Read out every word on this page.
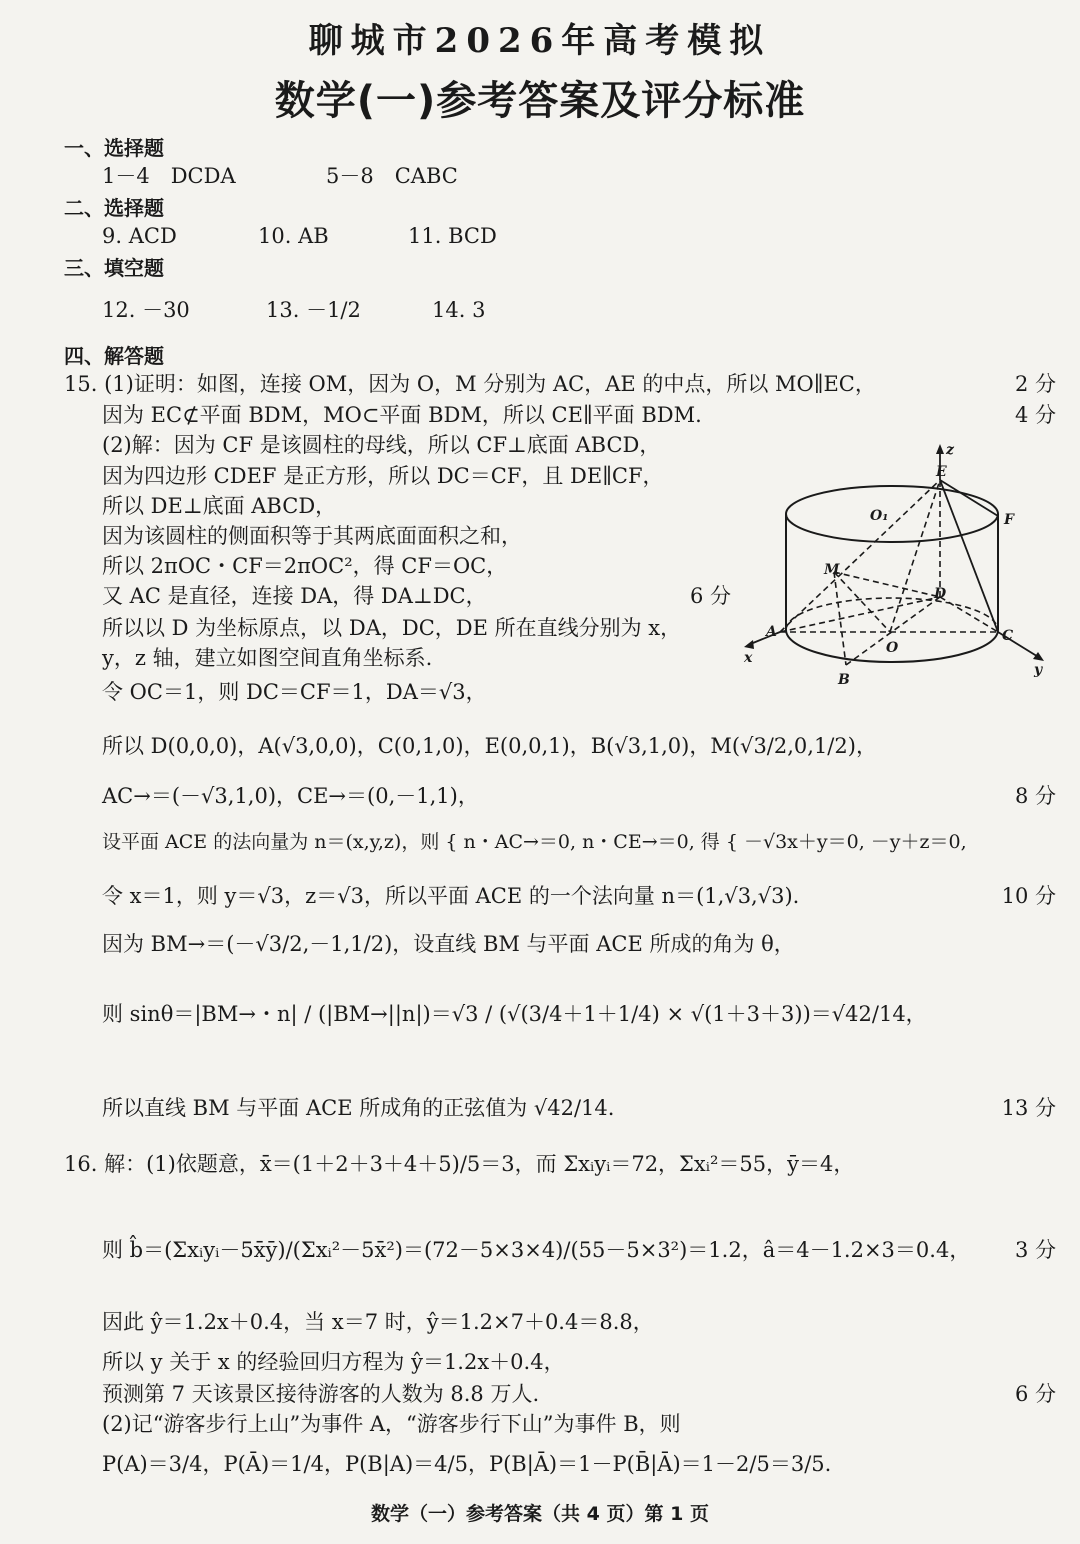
聊城市2026年高考模拟
数学(一)参考答案及评分标准
一、选择题
1－4　DCDA	5－8　CABC
二、选择题
9. ACD	10. AB	11. BCD
三、填空题
12. －30	13. －1/2	14. 3
四、解答题
15. (1)证明：如图，连接 OM，因为 O，M 分别为 AC，AE 的中点，所以 MO∥EC，	2 分
因为 EC⊄平面 BDM，MO⊂平面 BDM，所以 CE∥平面 BDM.	4 分
(2)解：因为 CF 是该圆柱的母线，所以 CF⊥底面 ABCD，
因为四边形 CDEF 是正方形，所以 DC＝CF，且 DE∥CF，
所以 DE⊥底面 ABCD，
因为该圆柱的侧面积等于其两底面面积之和，
所以 2πOC・CF＝2πOC²，得 CF＝OC，
又 AC 是直径，连接 DA，得 DA⊥DC，	6 分
所以以 D 为坐标原点，以 DA，DC，DE 所在直线分别为 x，
y，z 轴，建立如图空间直角坐标系.
令 OC＝1，则 DC＝CF＝1，DA＝√3，
z
E
F
O₁
M
D
A	C
O
B
x
y
所以 D(0,0,0)，A(√3,0,0)，C(0,1,0)，E(0,0,1)，B(√3,1,0)，M(√3/2,0,1/2)，
AC→＝(－√3,1,0)，CE→＝(0,－1,1)，	8 分
设平面 ACE 的法向量为 n＝(x,y,z)，则 { n・AC→＝0, n・CE→＝0, 得 { －√3x＋y＝0, －y＋z＝0,
令 x＝1，则 y＝√3，z＝√3，所以平面 ACE 的一个法向量 n＝(1,√3,√3).	10 分
因为 BM→＝(－√3/2,－1,1/2)，设直线 BM 与平面 ACE 所成的角为 θ，
则 sinθ＝|BM→・n| / (|BM→||n|)＝√3 / (√(3/4＋1＋1/4) × √(1＋3＋3))＝√42/14，
所以直线 BM 与平面 ACE 所成角的正弦值为 √42/14.	13 分
16. 解：(1)依题意，x̄＝(1＋2＋3＋4＋5)/5＝3，而 Σxᵢyᵢ＝72，Σxᵢ²＝55，ȳ＝4，
则 b̂＝(Σxᵢyᵢ－5x̄ȳ)/(Σxᵢ²－5x̄²)＝(72－5×3×4)/(55－5×3²)＝1.2，â＝4－1.2×3＝0.4， 3 分
因此 ŷ＝1.2x＋0.4，当 x＝7 时，ŷ＝1.2×7＋0.4＝8.8，
所以 y 关于 x 的经验回归方程为 ŷ＝1.2x＋0.4，
预测第 7 天该景区接待游客的人数为 8.8 万人.	6 分
(2)记“游客步行上山”为事件 A，“游客步行下山”为事件 B，则
P(A)＝3/4，P(Ā)＝1/4，P(B|A)＝4/5，P(B|Ā)＝1－P(B̄|Ā)＝1－2/5＝3/5.
数学（一）参考答案（共 4 页）第 1 页
